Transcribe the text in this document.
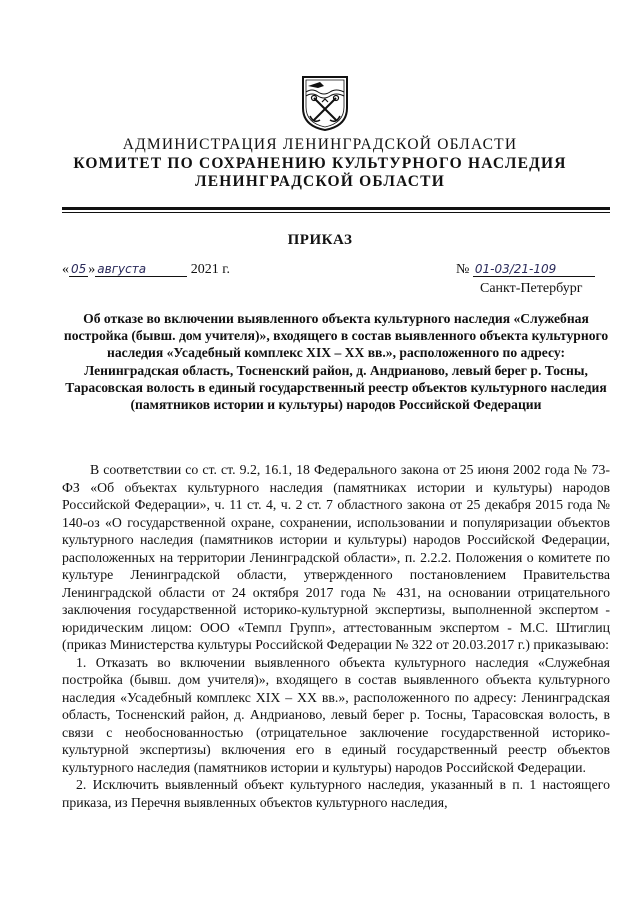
АДМИНИСТРАЦИЯ ЛЕНИНГРАДСКОЙ ОБЛАСТИ
КОМИТЕТ ПО СОХРАНЕНИЮ КУЛЬТУРНОГО НАСЛЕДИЯ
ЛЕНИНГРАДСКОЙ ОБЛАСТИ
ПРИКАЗ
« 05 » августа	2021 г.	№ 01-03/21-109
Санкт-Петербург
Об отказе во включении выявленного объекта культурного наследия «Служебная постройка (бывш. дом учителя)», входящего в состав выявленного объекта культурного наследия «Усадебный комплекс XIX – XX вв.», расположенного по адресу: Ленинградская область, Тосненский район, д. Андрианово, левый берег р. Тосны, Тарасовская волость в единый государственный реестр объектов культурного наследия (памятников истории и культуры) народов Российской Федерации

В соответствии со ст. ст. 9.2, 16.1, 18 Федерального закона от 25 июня 2002 года № 73-ФЗ «Об объектах культурного наследия (памятниках истории и культуры) народов Российской Федерации», ч. 11 ст. 4, ч. 2 ст. 7 областного закона от 25 декабря 2015 года № 140-оз «О государственной охране, сохранении, использовании и популяризации объектов культурного наследия (памятников истории и культуры) народов Российской Федерации, расположенных на территории Ленинградской области», п. 2.2.2. Положения о комитете по культуре Ленинградской области, утвержденного постановлением Правительства Ленинградской области от 24 октября 2017 года № 431, на основании отрицательного заключения государственной историко-культурной экспертизы, выполненной экспертом - юридическим лицом: ООО «Темпл Групп», аттестованным экспертом - М.С. Штиглиц (приказ Министерства культуры Российской Федерации № 322 от 20.03.2017 г.) приказываю:

1. Отказать во включении выявленного объекта культурного наследия «Служебная постройка (бывш. дом учителя)», входящего в состав выявленного объекта культурного наследия «Усадебный комплекс XIX – XX вв.», расположенного по адресу: Ленинградская область, Тосненский район, д. Андрианово, левый берег р. Тосны, Тарасовская волость, в связи с необоснованностью (отрицательное заключение государственной историко-культурной экспертизы) включения его в единый государственный реестр объектов культурного наследия (памятников истории и культуры) народов Российской Федерации.

2. Исключить выявленный объект культурного наследия, указанный в п. 1 настоящего приказа, из Перечня выявленных объектов культурного наследия,
